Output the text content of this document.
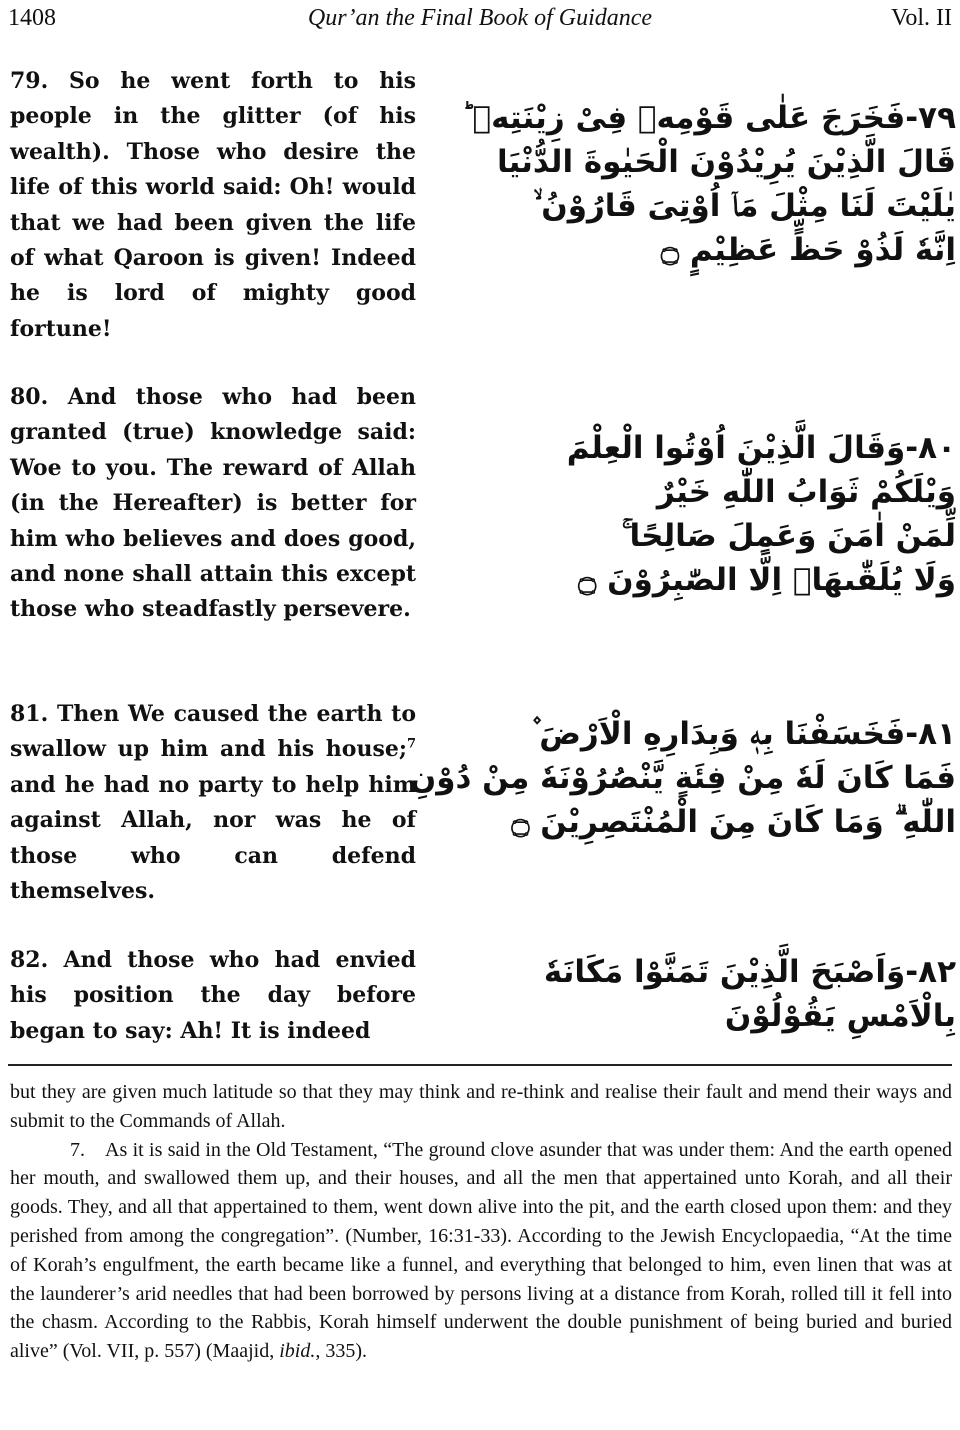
1408	Qur’an the Final Book of Guidance	Vol. II

79. So he went forth to his people in the glitter (of his wealth). Those who desire the life of this world said: Oh! would that we had been given the life of what Qaroon is given! Indeed he is lord of mighty good fortune!

٧٩-فَخَرَجَ عَلٰى قَوْمِهٖ فِىْ زِيْنَتِهٖ ؕ
قَالَ الَّذِيْنَ يُرِيْدُوْنَ الْحَيٰوةَ الدُّنْيَا
يٰلَيْتَ لَنَا مِثْلَ مَاۤ اُوْتِىَ قَارُوْنُ ۙ
اِنَّهٗ لَذُوْ حَظٍّ عَظِيْمٍ ۝

80. And those who had been granted (true) knowledge said: Woe to you. The reward of Allah (in the Hereafter) is better for him who believes and does good, and none shall attain this except those who steadfastly persevere.

٨٠-وَقَالَ الَّذِيْنَ اُوْتُوا الْعِلْمَ
وَيْلَكُمْ ثَوَابُ اللّٰهِ خَيْرٌ
لِّمَنْ اٰمَنَ وَعَمِلَ صَالِحًا ۚ
وَلَا يُلَقّٰىهَاۤ اِلَّا الصّٰبِرُوْنَ ۝

81. Then We caused the earth to swallow up him and his house;$^7$ and he had no party to help him against Allah, nor was he of those who can defend themselves.

٨١-فَخَسَفْنَا بِهٖ وَبِدَارِهِ الْاَرْضَ ۫
فَمَا كَانَ لَهٗ مِنْ فِئَةٍ يَّنْصُرُوْنَهٗ مِنْ دُوْنِ
اللّٰهِ ۗ وَمَا كَانَ مِنَ الْمُنْتَصِرِيْنَ ۝

82. And those who had envied his position the day before began to say: Ah! It is indeed

٨٢-وَاَصْبَحَ الَّذِيْنَ تَمَنَّوْا مَكَانَهٗ
بِالْاَمْسِ يَقُوْلُوْنَ

but they are given much latitude so that they may think and re-think and realise their fault and mend their ways and submit to the Commands of Allah.

7. As it is said in the Old Testament, “The ground clove asunder that was under them: And the earth opened her mouth, and swallowed them up, and their houses, and all the men that appertained unto Korah, and all their goods. They, and all that appertained to them, went down alive into the pit, and the earth closed upon them: and they perished from among the congregation”. (Number, 16:31-33). According to the Jewish Encyclopaedia, “At the time of Korah’s engulfment, the earth became like a funnel, and everything that belonged to him, even linen that was at the launderer’s arid needles that had been borrowed by persons living at a distance from Korah, rolled till it fell into the chasm. According to the Rabbis, Korah himself underwent the double punishment of being buried and buried alive” (Vol. VII, p. 557) (Maajid, ibid., 335).
